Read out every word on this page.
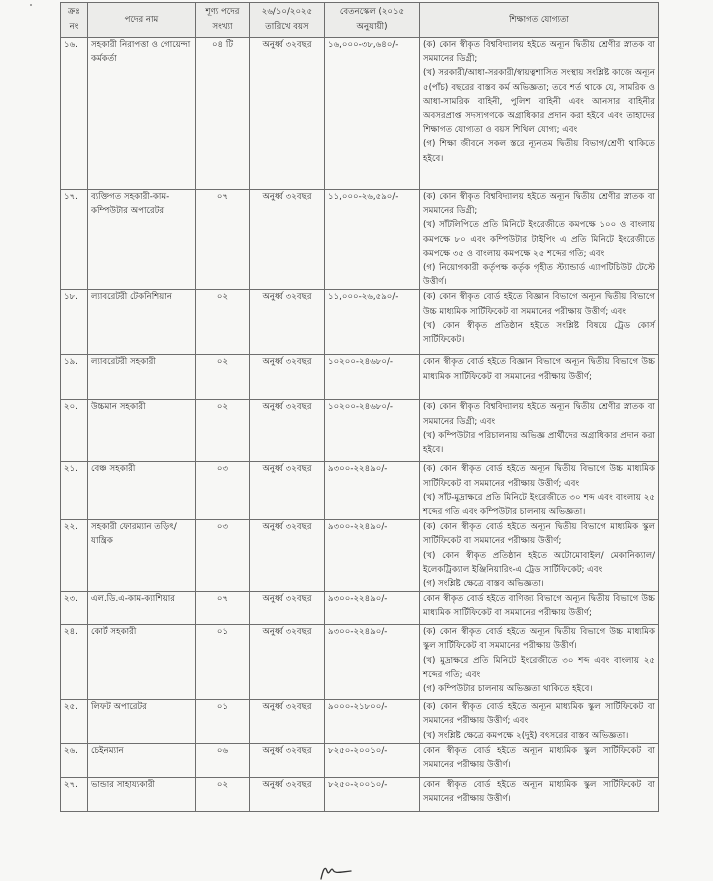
ক্রঃ নং	পদের নাম	শূণ্য পদের সংখ্যা	২৬/১০/২০২৫ তারিখে বয়স	বেতনস্কেল (২০১৫ অনুযায়ী)	শিক্ষাগত যোগ্যতা
১৬.	সহকারী নিরাপত্তা ও গোয়েন্দা কর্মকর্তা	০৪ টি	অনুর্ধ্ব ৩২বছর	১৬,০০০-৩৮,৬৪০/-	(ক) কোন স্বীকৃত বিশ্ববিদ্যালয় হইতে অন্যূন দ্বিতীয় শ্রেণীর স্নাতক বা সমমানের ডিগ্রী;
(খ) সরকারী/আধা-সরকারী/স্বায়ত্বশাসিত সংস্থায় সংশ্লিষ্ট কাজে অন্যূন ৫(পাঁচ) বছরের বাস্তব কর্ম অভিজ্ঞতা; তবে শর্ত থাকে যে, সামরিক ও আধা-সামরিক বাহিনী, পুলিশ বাহিনী এবং আনসার বাহিনীর অবসরপ্রাপ্ত সদস্যগণকে অগ্রাধিকার প্রদান করা হইবে এবং তাহাদের শিক্ষাগত যোগ্যতা ও বয়স শিথিল যোগ্য; এবং
(গ) শিক্ষা জীবনে সকল স্তরে ন্যূনতম দ্বিতীয় বিভাগ/শ্রেণী থাকিতে হইবে।

১৭.	ব্যক্তিগত সহকারী-কাম-কম্পিউটার অপারেটর	০৭	অনুর্ধ্ব ৩২বছর	১১,০০০-২৬,৫৯০/-	(ক) কোন স্বীকৃত বিশ্ববিদ্যালয় হইতে অন্যূন দ্বিতীয় শ্রেণীর স্নাতক বা সমমানের ডিগ্রী;
(খ) সাঁটলিপিতে প্রতি মিনিটে ইংরেজীতে কমপক্ষে ১০০ ও বাংলায় কমপক্ষে ৮০ এবং কম্পিউটার টাইপিং এ প্রতি মিনিটে ইংরেজীতে কমপক্ষে ৩৫ ও বাংলায় কমপক্ষে ২৫ শব্দের গতি; এবং
(গ) নিয়োগকারী কর্তৃপক্ষ কর্তৃক গৃহীত স্ট্যান্ডার্ড এ্যাপটিচিউট টেস্টে উত্তীর্ণ।

১৮.	ল্যাবরেটরী টেকনিশিয়ান	০২	অনুর্ধ্ব ৩২বছর	১১,০০০-২৬,৫৯০/-	(ক) কোন স্বীকৃত বোর্ড হইতে বিজ্ঞান বিভাগে অন্যূন দ্বিতীয় বিভাগে উচ্চ মাধ্যমিক সার্টিফিকেট বা সমমানের পরীক্ষায় উত্তীর্ণ; এবং
(খ) কোন স্বীকৃত প্রতিষ্ঠান হইতে সংশ্লিষ্ট বিষয়ে ট্রেড কোর্স সার্টিফিকেট।

১৯.	ল্যাবরেটরী সহকারী	০২	অনুর্ধ্ব ৩২বছর	১০২০০-২৪৬৮০/-	কোন স্বীকৃত বোর্ড হইতে বিজ্ঞান বিভাগে অন্যূন দ্বিতীয় বিভাগে উচ্চ মাধ্যমিক সার্টিফিকেট বা সমমানের পরীক্ষায় উত্তীর্ণ;

২০.	উচ্চমান সহকারী	০২	অনুর্ধ্ব ৩২বছর	১০২০০-২৪৬৮০/-	(ক) কোন স্বীকৃত বিশ্ববিদ্যালয় হইতে অন্যূন দ্বিতীয় শ্রেণীর স্নাতক বা সমমানের ডিগ্রী; এবং
(খ) কম্পিউটার পরিচালনায় অভিজ্ঞ প্রার্থীদের অগ্রাধিকার প্রদান করা হইবে।

২১.	বেঞ্চ সহকারী	০৩	অনুর্ধ্ব ৩২বছর	৯৩০০-২২৪৯০/-	(ক) কোন স্বীকৃত বোর্ড হইতে অন্যূন দ্বিতীয় বিভাগে উচ্চ মাধ্যমিক সার্টিফিকেট বা সমমানের পরীক্ষায় উত্তীর্ণ; এবং
(খ) সাঁট-মুদ্রাক্ষরে প্রতি মিনিটে ইংরেজীতে ৩০ শব্দ এবং বাংলায় ২৫ শব্দের গতি এবং কম্পিউটার চালনায় অভিজ্ঞতা।

২২.	সহকারী ফোরম্যান তড়িৎ/যান্ত্রিক	০৩	অনুর্ধ্ব ৩২বছর	৯৩০০-২২৪৯০/-	(ক) কোন স্বীকৃত বোর্ড হইতে অন্যূন দ্বিতীয় বিভাগে মাধ্যমিক স্কুল সার্টিফিকেট বা সমমানের পরীক্ষায় উত্তীর্ণ;
(খ) কোন স্বীকৃত প্রতিষ্ঠান হইতে অটোমোবাইল/ মেকানিক্যাল/ ইলেকট্রিক্যাল ইঞ্জিনিয়ারিং-এ ট্রেড সার্টিফিকেট; এবং
(গ) সংশ্লিষ্ট ক্ষেত্রে বাস্তব অভিজ্ঞতা।

২৩.	এল.ডি.এ-কাম-ক্যাশিয়ার	০৭	অনুর্ধ্ব ৩২বছর	৯৩০০-২২৪৯০/-	কোন স্বীকৃত বোর্ড হইতে বাণিজ্য বিভাগে অন্যূন দ্বিতীয় বিভাগে উচ্চ মাধ্যমিক সার্টিফিকেট বা সমমানের পরীক্ষায় উত্তীর্ণ;

২৪.	কোর্ট সহকারী	০১	অনুর্ধ্ব ৩২বছর	৯৩০০-২২৪৯০/-	(ক) কোন স্বীকৃত বোর্ড হইতে অন্যূন দ্বিতীয় বিভাগে উচ্চ মাধ্যমিক স্কুল সার্টিফিকেট বা সমমানের পরীক্ষায় উত্তীর্ণ।
(খ) মুদ্রাক্ষরে প্রতি মিনিটে ইংরেজীতে ৩০ শব্দ এবং বাংলায় ২৫ শব্দের গতি; এবং
(গ) কম্পিউটার চালনায় অভিজ্ঞতা থাকিতে হইবে।

২৫.	লিফট অপারেটর	০১	অনুর্ধ্ব ৩২বছর	৯০০০-২১৮০০/-	(ক) কোন স্বীকৃত বোর্ড হইতে অন্যূন মাধ্যমিক স্কুল সার্টিফিকেট বা সমমানের পরীক্ষায় উত্তীর্ণ; এবং
(খ) সংশ্লিষ্ট ক্ষেত্রে কমপক্ষে ২(দুই) বৎসরের বাস্তব অভিজ্ঞতা।

২৬.	চেইনম্যান	০৬	অনুর্ধ্ব ৩২বছর	৮২৫০-২০০১০/-	কোন স্বীকৃত বোর্ড হইতে অন্যূন মাধ্যমিক স্কুল সার্টিফিকেট বা সমমানের পরীক্ষায় উত্তীর্ণ।

২৭.	ভান্ডার সাহায্যকারী	০২	অনুর্ধ্ব ৩২বছর	৮২৫০-২০০১০/-	কোন স্বীকৃত বোর্ড হইতে অন্যূন মাধ্যমিক স্কুল সার্টিফিকেট বা সমমানের পরীক্ষায় উত্তীর্ণ।
